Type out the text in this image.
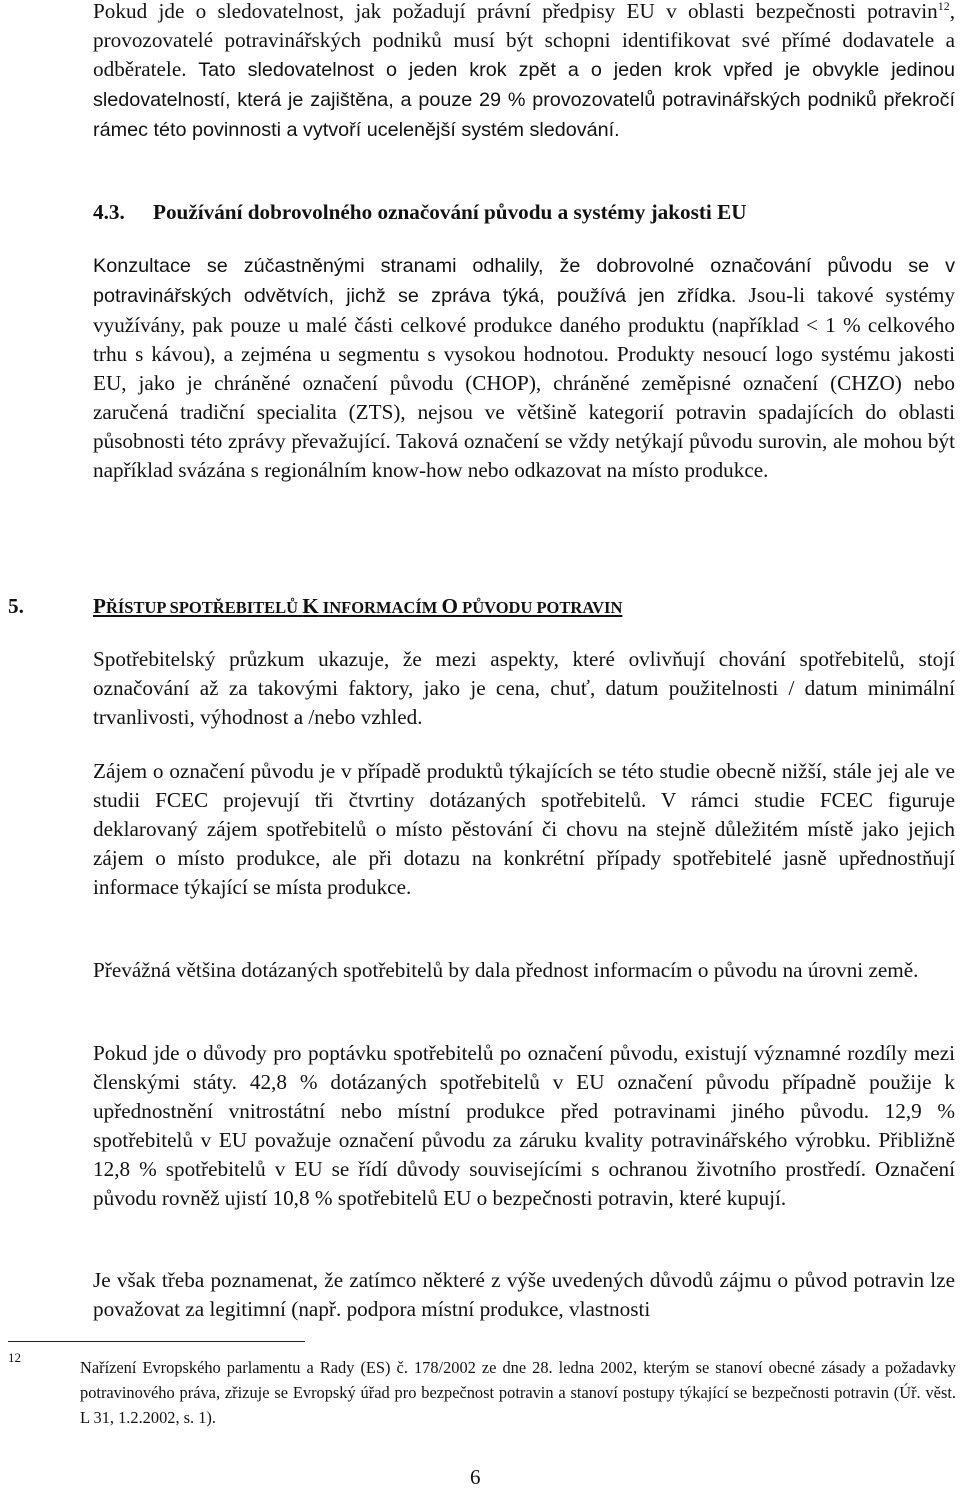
Pokud jde o sledovatelnost, jak požadují právní předpisy EU v oblasti bezpečnosti potravin$^{12}$, provozovatelé potravinářských podniků musí být schopni identifikovat své přímé dodavatele a odběratele. Tato sledovatelnost o jeden krok zpět a o jeden krok vpřed je obvykle jedinou sledovatelností, která je zajištěna, a pouze 29 % provozovatelů potravinářských podniků překročí rámec této povinnosti a vytvoří ucelenější systém sledování.

4.3. Používání dobrovolného označování původu a systémy jakosti EU

Konzultace se zúčastněnými stranami odhalily, že dobrovolné označování původu se v potravinářských odvětvích, jichž se zpráva týká, používá jen zřídka. Jsou-li takové systémy využívány, pak pouze u malé části celkové produkce daného produktu (například < 1 % celkového trhu s kávou), a zejména u segmentu s vysokou hodnotou. Produkty nesoucí logo systému jakosti EU, jako je chráněné označení původu (CHOP), chráněné zeměpisné označení (CHZO) nebo zaručená tradiční specialita (ZTS), nejsou ve většině kategorií potravin spadajících do oblasti působnosti této zprávy převažující. Taková označení se vždy netýkají původu surovin, ale mohou být například svázána s regionálním know-how nebo odkazovat na místo produkce.

5.	PŘÍSTUP SPOTŘEBITELŮ K INFORMACÍM O PŮVODU POTRAVIN

Spotřebitelský průzkum ukazuje, že mezi aspekty, které ovlivňují chování spotřebitelů, stojí označování až za takovými faktory, jako je cena, chuť, datum použitelnosti / datum minimální trvanlivosti, výhodnost a /nebo vzhled.

Zájem o označení původu je v případě produktů týkajících se této studie obecně nižší, stále jej ale ve studii FCEC projevují tři čtvrtiny dotázaných spotřebitelů. V rámci studie FCEC figuruje deklarovaný zájem spotřebitelů o místo pěstování či chovu na stejně důležitém místě jako jejich zájem o místo produkce, ale při dotazu na konkrétní případy spotřebitelé jasně upřednostňují informace týkající se místa produkce.

Převážná většina dotázaných spotřebitelů by dala přednost informacím o původu na úrovni země.

Pokud jde o důvody pro poptávku spotřebitelů po označení původu, existují významné rozdíly mezi členskými státy. 42,8 % dotázaných spotřebitelů v EU označení původu případně použije k upřednostnění vnitrostátní nebo místní produkce před potravinami jiného původu. 12,9 % spotřebitelů v EU považuje označení původu za záruku kvality potravinářského výrobku. Přibližně 12,8 % spotřebitelů v EU se řídí důvody souvisejícími s ochranou životního prostředí. Označení původu rovněž ujistí 10,8 % spotřebitelů EU o bezpečnosti potravin, které kupují.

Je však třeba poznamenat, že zatímco některé z výše uvedených důvodů zájmu o původ potravin lze považovat za legitimní (např. podpora místní produkce, vlastnosti

12

Nařízení Evropského parlamentu a Rady (ES) č. 178/2002 ze dne 28. ledna 2002, kterým se stanoví obecné zásady a požadavky potravinového práva, zřizuje se Evropský úřad pro bezpečnost potravin a stanoví postupy týkající se bezpečnosti potravin (Úř. věst. L 31, 1.2.2002, s. 1).

6
